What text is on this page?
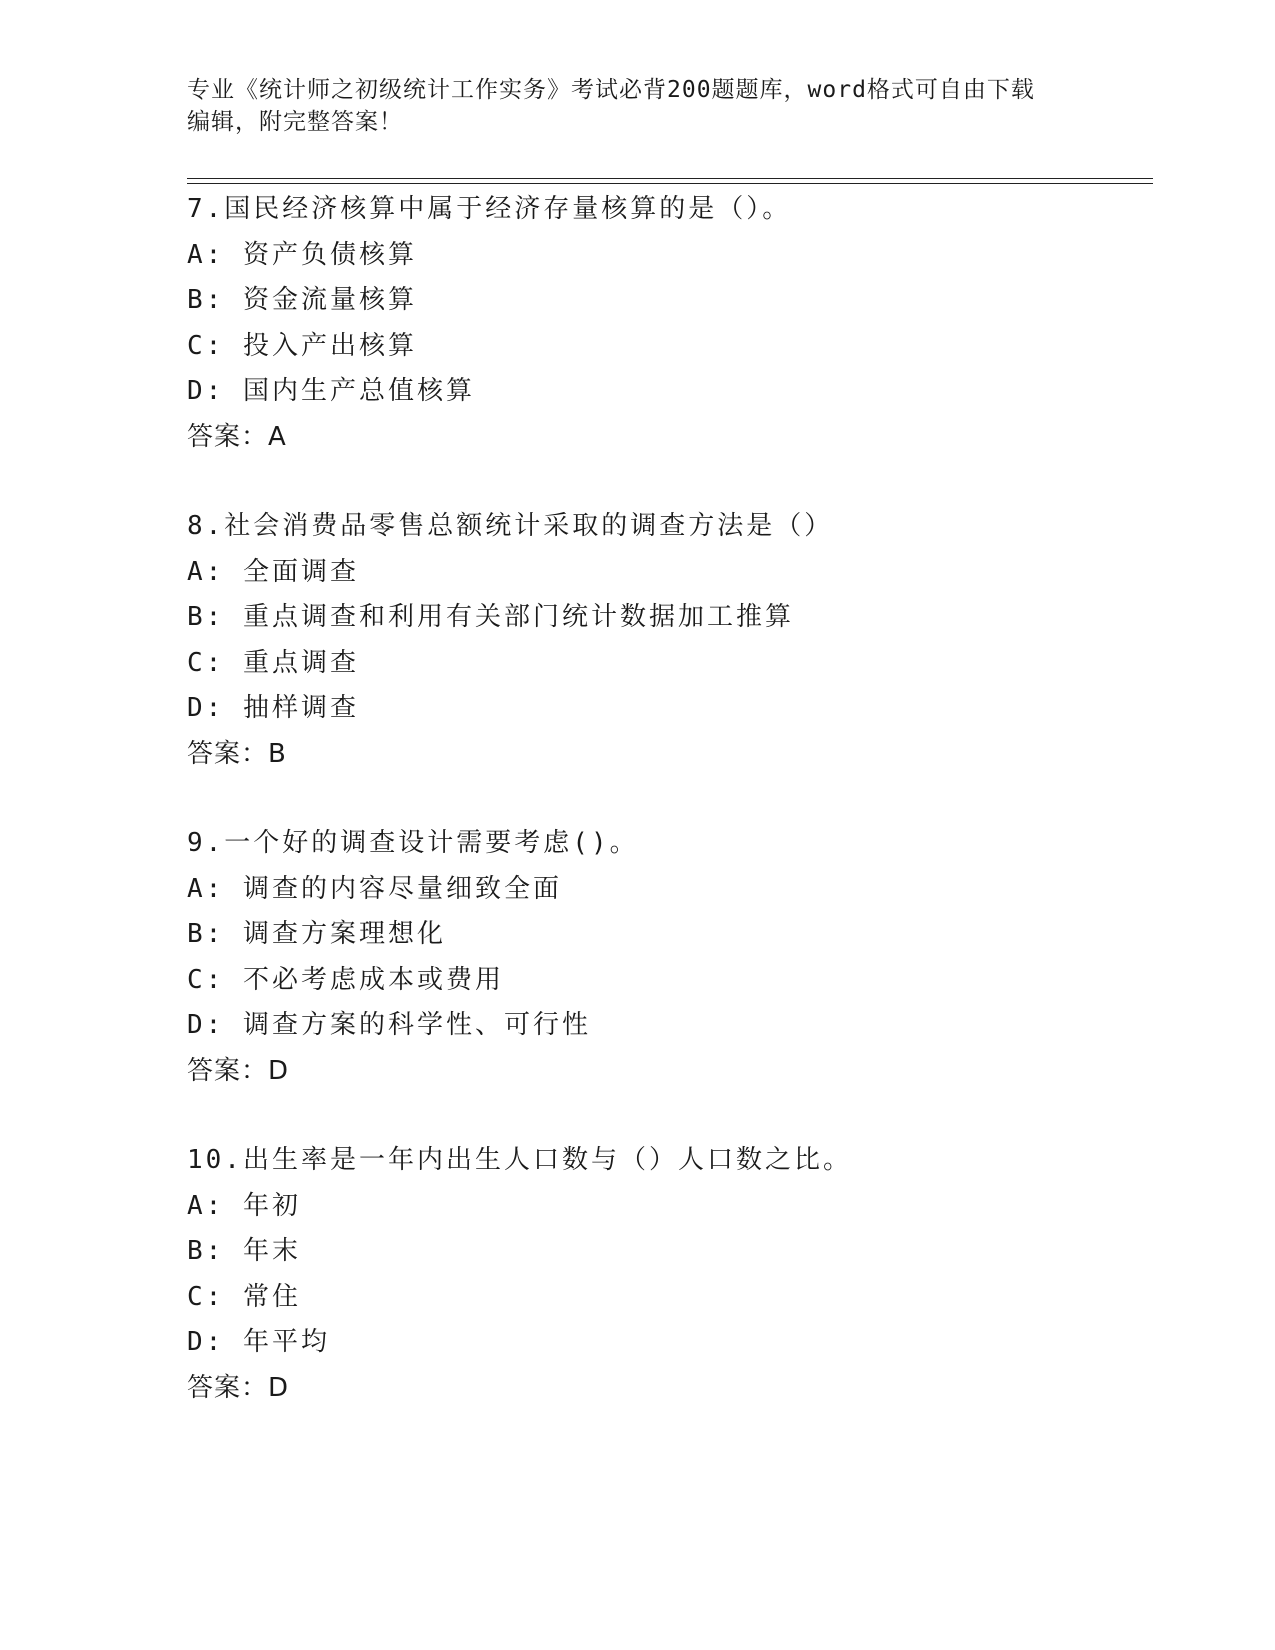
专业《统计师之初级统计工作实务》考试必背200题题库，word格式可自由下载
编辑，附完整答案！
7.国民经济核算中属于经济存量核算的是（）。
A: 资产负债核算
B: 资金流量核算
C: 投入产出核算
D: 国内生产总值核算
答案：A
8.社会消费品零售总额统计采取的调查方法是（）
A: 全面调查
B: 重点调查和利用有关部门统计数据加工推算
C: 重点调查
D: 抽样调查
答案：B
9.一个好的调查设计需要考虑()。
A: 调查的内容尽量细致全面
B: 调查方案理想化
C: 不必考虑成本或费用
D: 调查方案的科学性、可行性
答案：D
10.出生率是一年内出生人口数与（）人口数之比。
A: 年初
B: 年末
C: 常住
D: 年平均
答案：D
